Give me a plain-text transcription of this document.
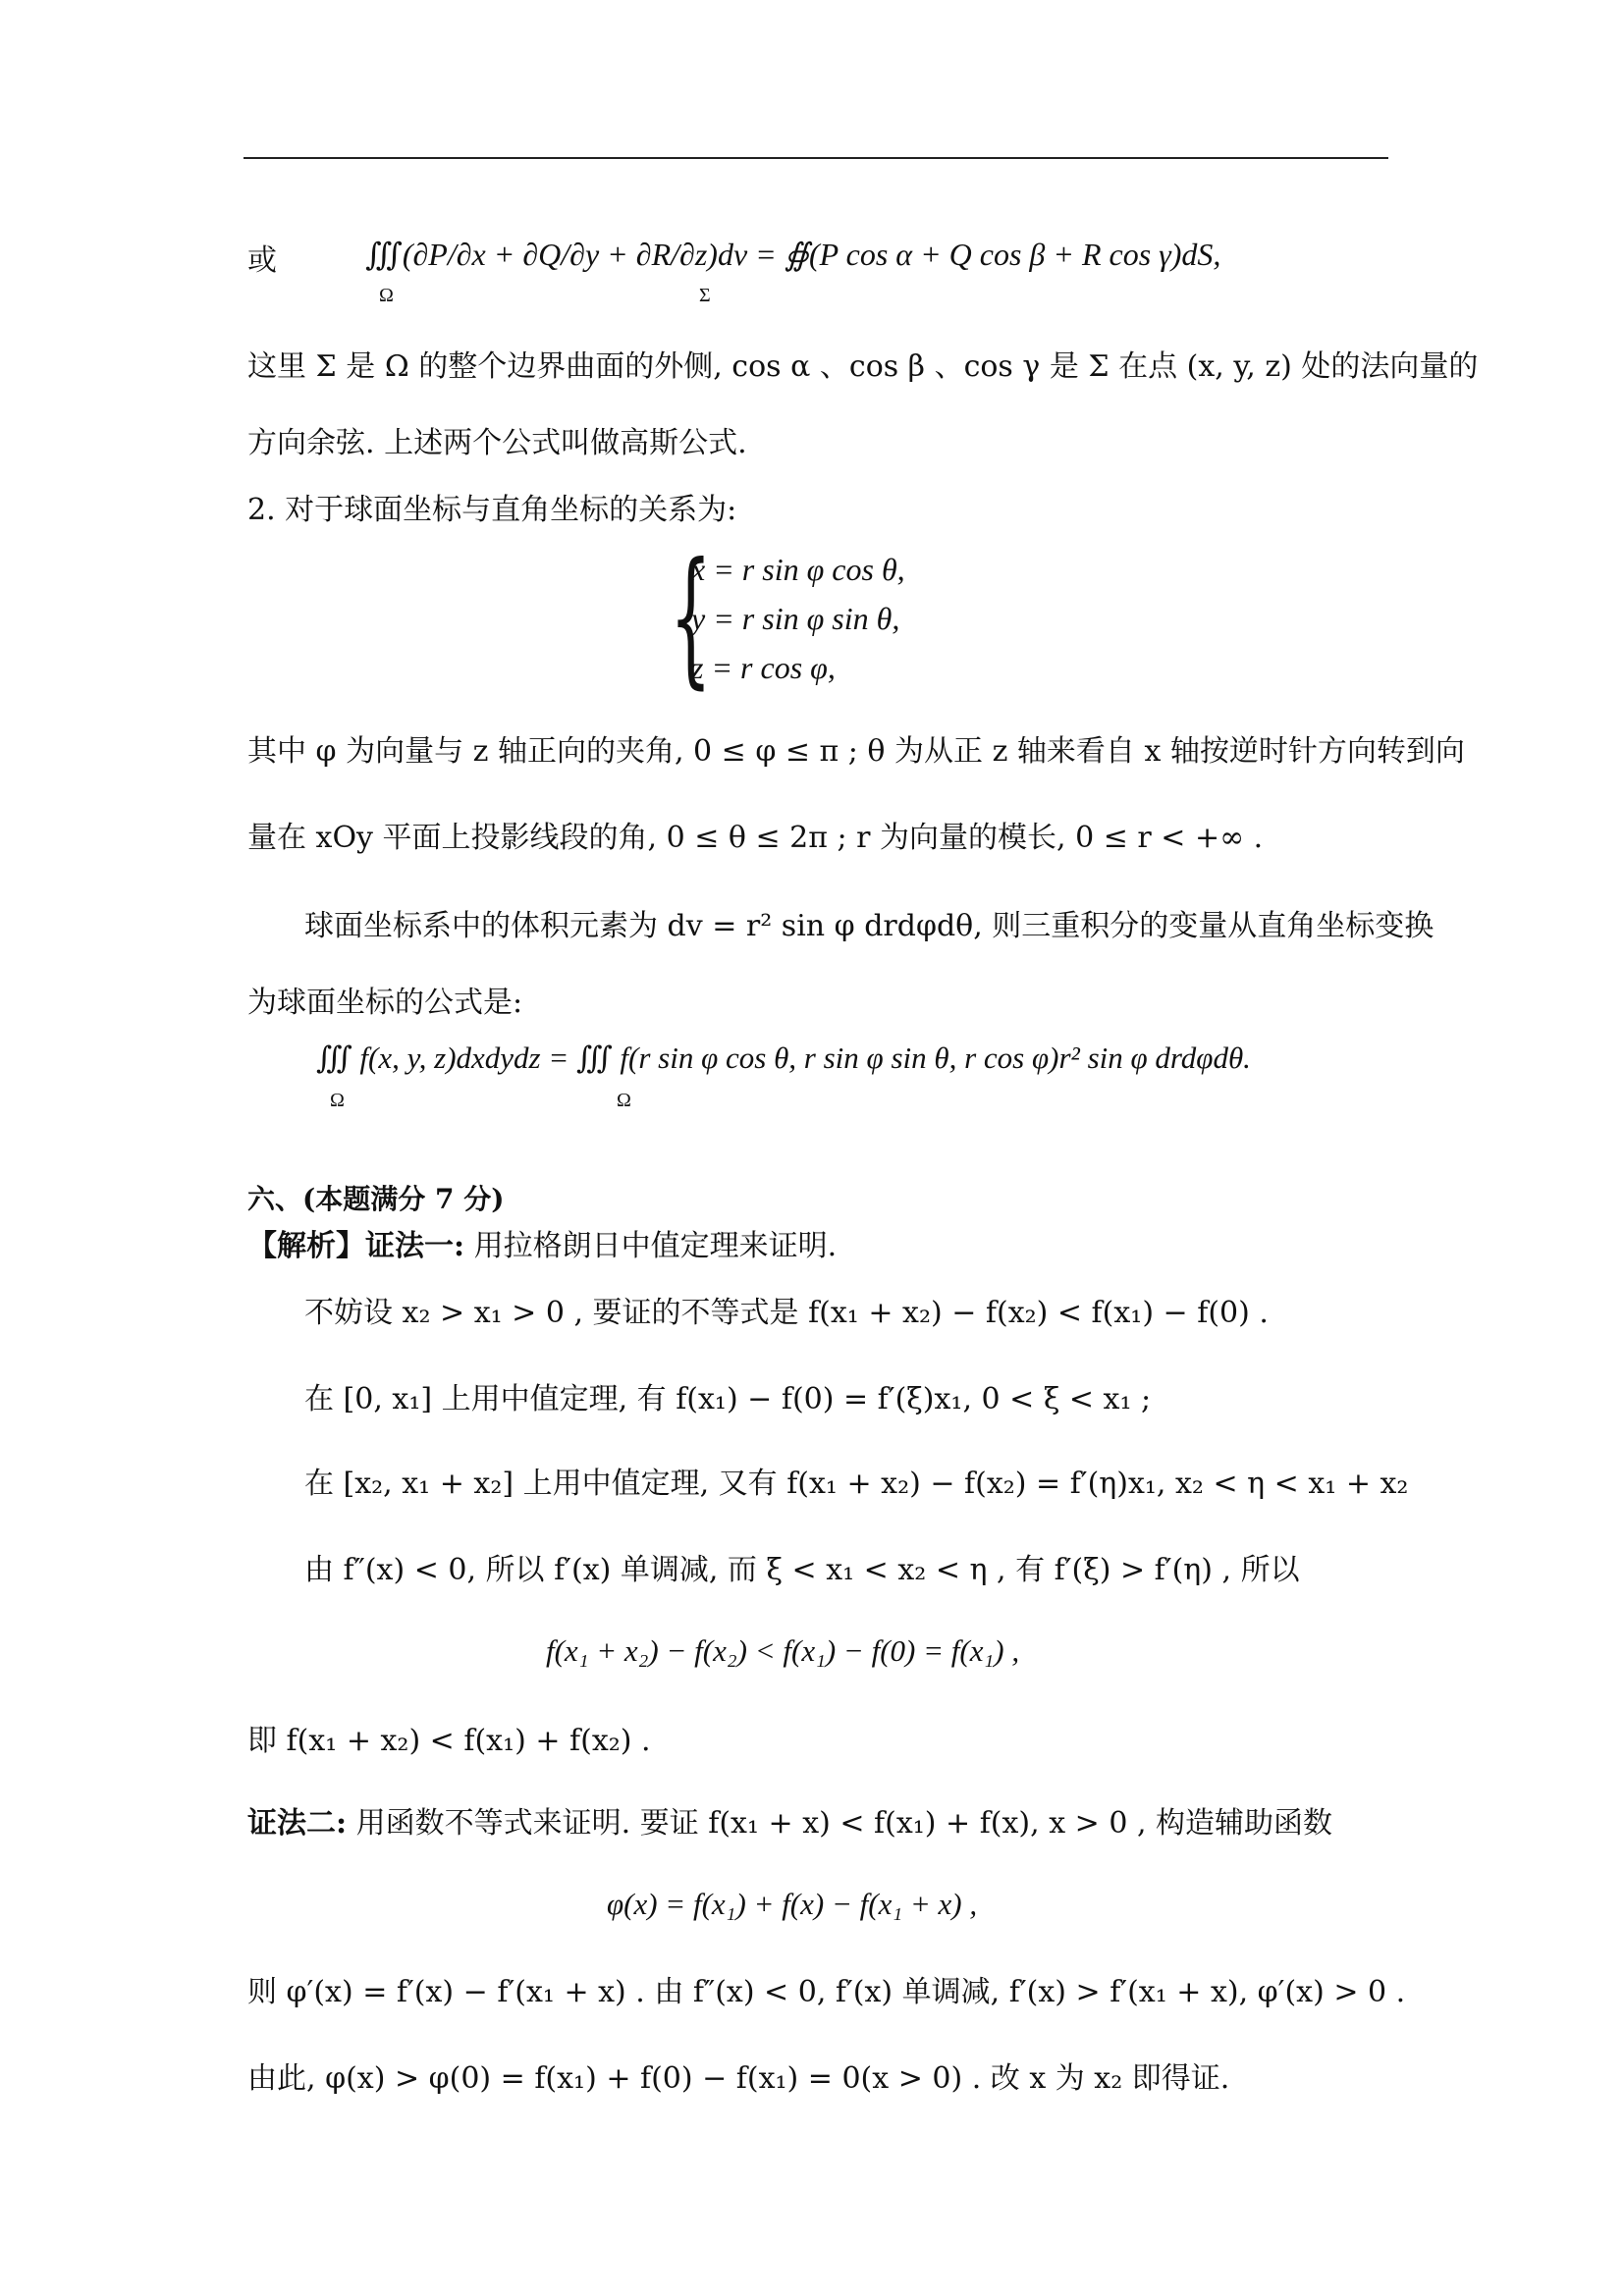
或	∭(∂P/∂x + ∂Q/∂y + ∂R/∂z)dv = ∯(P cos α + Q cos β + R cos γ)dS,
Ω	Σ
这里 Σ 是 Ω 的整个边界曲面的外侧, cos α 、cos β 、cos γ 是 Σ 在点 (x, y, z) 处的法向量的
方向余弦. 上述两个公式叫做高斯公式.
2. 对于球面坐标与直角坐标的关系为:
{
x = r sin φ cos θ,
y = r sin φ sin θ,
z = r cos φ,
其中 φ 为向量与 z 轴正向的夹角, 0 ≤ φ ≤ π ; θ 为从正 z 轴来看自 x 轴按逆时针方向转到向
量在 xOy 平面上投影线段的角, 0 ≤ θ ≤ 2π ; r 为向量的模长, 0 ≤ r < +∞ .
球面坐标系中的体积元素为 dv = r² sin φ drdφdθ, 则三重积分的变量从直角坐标变换
为球面坐标的公式是:
∭ f(x, y, z)dxdydz = ∭ f(r sin φ cos θ, r sin φ sin θ, r cos φ)r² sin φ drdφdθ.
Ω	Ω
六、(本题满分 7 分)
【解析】证法一: 用拉格朗日中值定理来证明.
不妨设 x₂ > x₁ > 0 , 要证的不等式是 f(x₁ + x₂) − f(x₂) < f(x₁) − f(0) .
在 [0, x₁] 上用中值定理, 有 f(x₁) − f(0) = f′(ξ)x₁, 0 < ξ < x₁ ;
在 [x₂, x₁ + x₂] 上用中值定理, 又有 f(x₁ + x₂) − f(x₂) = f′(η)x₁, x₂ < η < x₁ + x₂
由 f″(x) < 0, 所以 f′(x) 单调减, 而 ξ < x₁ < x₂ < η , 有 f′(ξ) > f′(η) , 所以
f(x₁ + x₂) − f(x₂) < f(x₁) − f(0) = f(x₁) ,
即 f(x₁ + x₂) < f(x₁) + f(x₂) .
证法二: 用函数不等式来证明. 要证 f(x₁ + x) < f(x₁) + f(x), x > 0 , 构造辅助函数
φ(x) = f(x₁) + f(x) − f(x₁ + x) ,
则 φ′(x) = f′(x) − f′(x₁ + x) . 由 f″(x) < 0, f′(x) 单调减, f′(x) > f′(x₁ + x), φ′(x) > 0 .
由此, φ(x) > φ(0) = f(x₁) + f(0) − f(x₁) = 0(x > 0) . 改 x 为 x₂ 即得证.
